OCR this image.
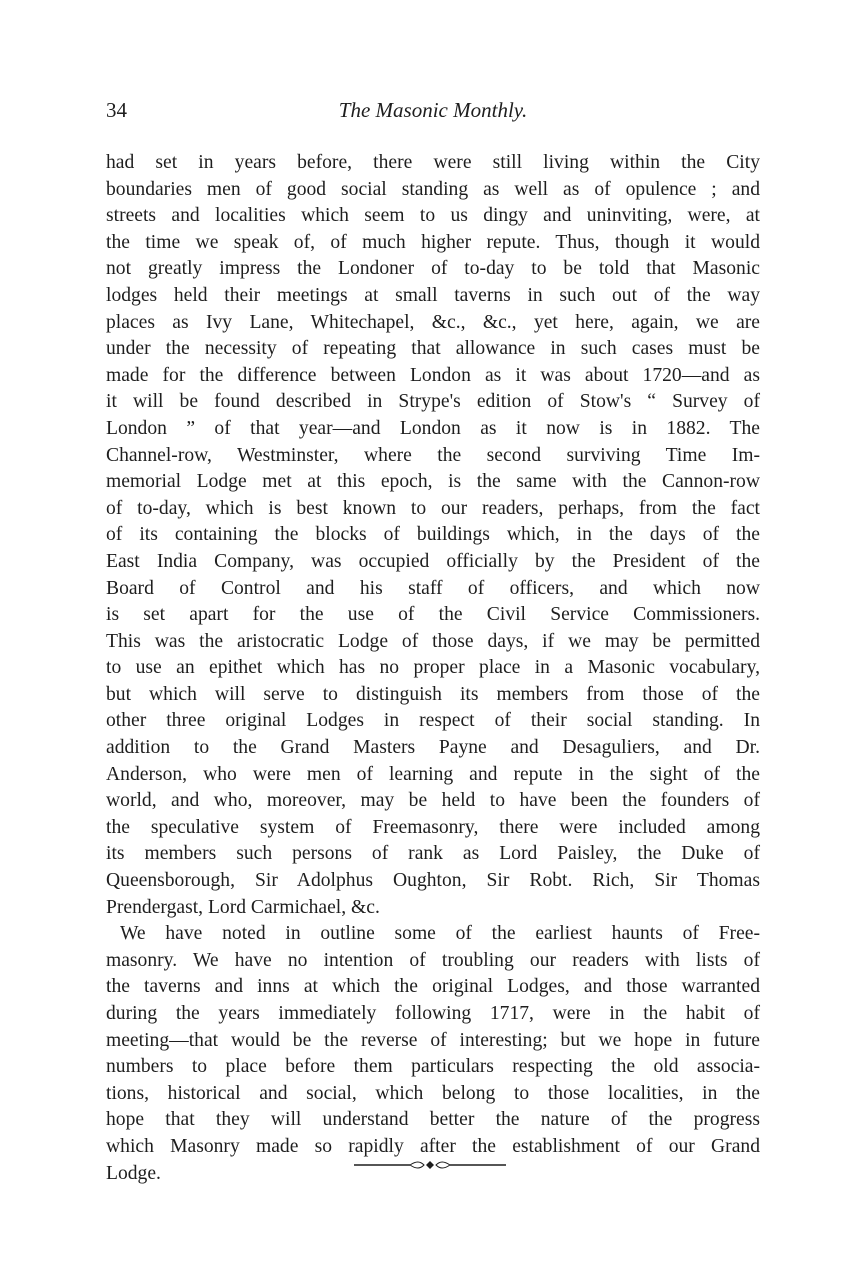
34	The Masonic Monthly.
had set in years before, there were still living within the City
boundaries men of good social standing as well as of opulence ; and
streets and localities which seem to us dingy and uninviting, were, at
the time we speak of, of much higher repute. Thus, though it would
not greatly impress the Londoner of to-day to be told that Masonic
lodges held their meetings at small taverns in such out of the way
places as Ivy Lane, Whitechapel, &c., &c., yet here, again, we are
under the necessity of repeating that allowance in such cases must be
made for the difference between London as it was about 1720—and as
it will be found described in Strype's edition of Stow's “ Survey of
London ” of that year—and London as it now is in 1882. The
Channel-row, Westminster, where the second surviving Time Im-
memorial Lodge met at this epoch, is the same with the Cannon-row
of to-day, which is best known to our readers, perhaps, from the fact
of its containing the blocks of buildings which, in the days of the
East India Company, was occupied officially by the President of the
Board of Control and his staff of officers, and which now
is set apart for the use of the Civil Service Commissioners.
This was the aristocratic Lodge of those days, if we may be permitted
to use an epithet which has no proper place in a Masonic vocabulary,
but which will serve to distinguish its members from those of the
other three original Lodges in respect of their social standing. In
addition to the Grand Masters Payne and Desaguliers, and Dr.
Anderson, who were men of learning and repute in the sight of the
world, and who, moreover, may be held to have been the founders of
the speculative system of Freemasonry, there were included among
its members such persons of rank as Lord Paisley, the Duke of
Queensborough, Sir Adolphus Oughton, Sir Robt. Rich, Sir Thomas
Prendergast, Lord Carmichael, &c.
We have noted in outline some of the earliest haunts of Free-
masonry. We have no intention of troubling our readers with lists of
the taverns and inns at which the original Lodges, and those warranted
during the years immediately following 1717, were in the habit of
meeting—that would be the reverse of interesting; but we hope in future
numbers to place before them particulars respecting the old associa-
tions, historical and social, which belong to those localities, in the
hope that they will understand better the nature of the progress
which Masonry made so rapidly after the establishment of our Grand
Lodge.
